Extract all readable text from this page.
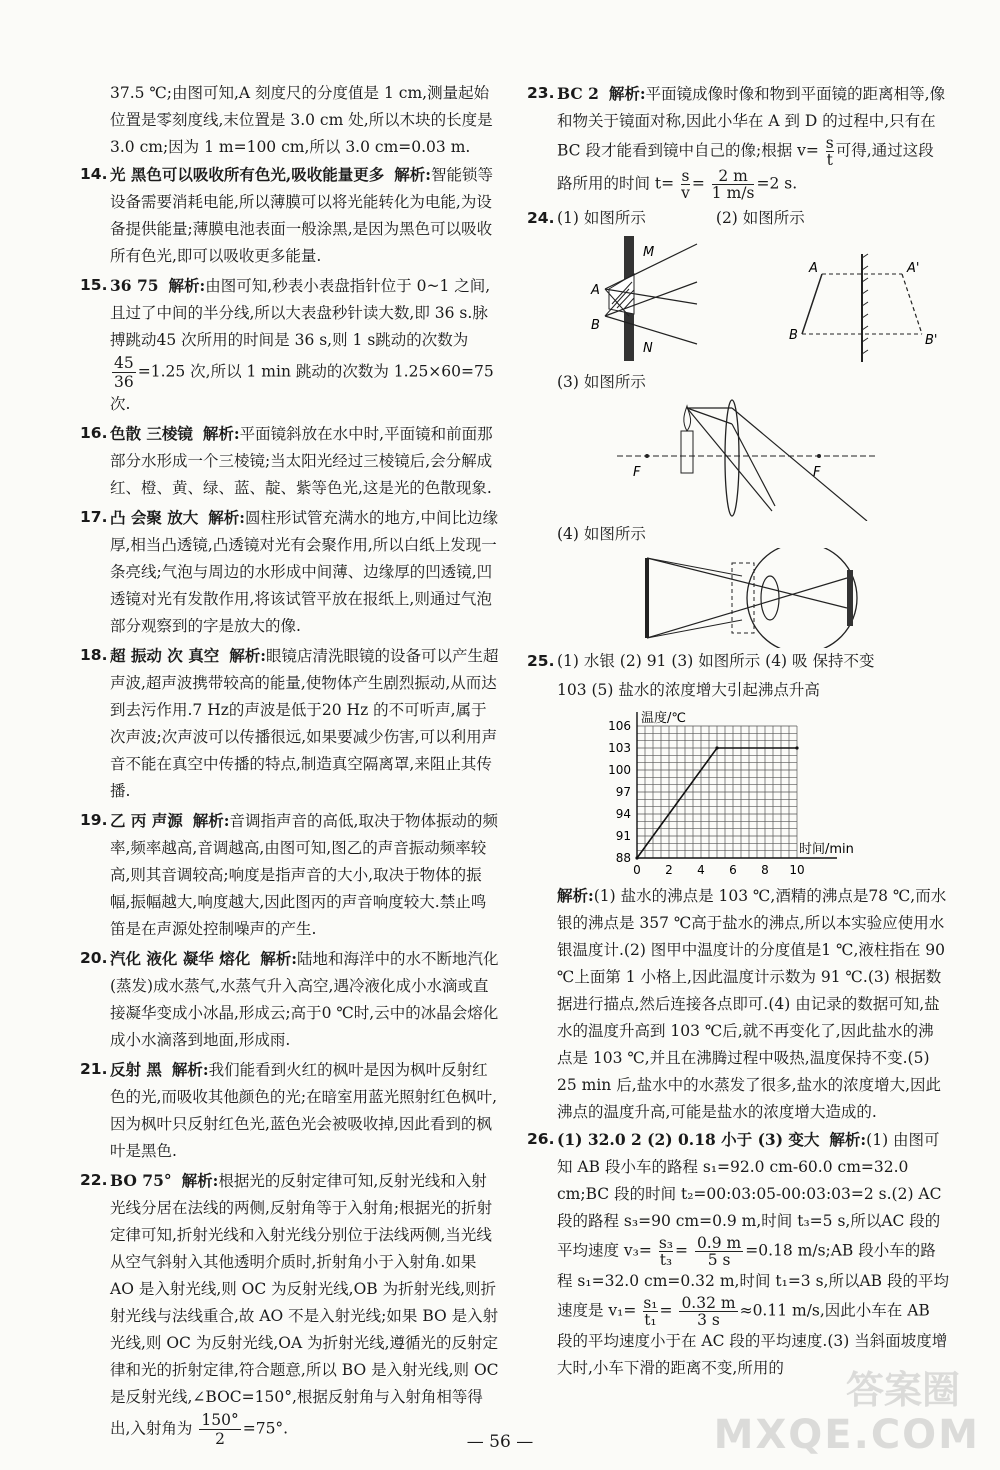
37.5 ℃;由图可知,A 刻度尺的分度值是 1 cm,测量起始位置是零刻度线,末位置是 3.0 cm 处,所以木块的长度是3.0 cm;因为 1 m=100 cm,所以 3.0 cm=0.03 m.
14. 光 黑色可以吸收所有色光,吸收能量更多 解析:智能锁等设备需要消耗电能,所以薄膜可以将光能转化为电能,为设备提供能量;薄膜电池表面一般涂黑,是因为黑色可以吸收所有色光,即可以吸收更多能量.
15. 36 75 解析:由图可知,秒表小表盘指针位于 0~1 之间,且过了中间的半分线,所以大表盘秒针读大数,即 36 s.脉搏跳动45 次所用的时间是 36 s,则 1 s跳动的次数为
$\frac{45}{36} =1.25$ 次,所以 1 min 跳动的次数为 1.25×60=75 次.
16. 色散 三棱镜 解析:平面镜斜放在水中时,平面镜和前面那部分水形成一个三棱镜;当太阳光经过三棱镜后,会分解成红、橙、黄、绿、蓝、靛、紫等色光,这是光的色散现象.
17. 凸 会聚 放大 解析:圆柱形试管充满水的地方,中间比边缘厚,相当凸透镜,凸透镜对光有会聚作用,所以白纸上发现一条亮线;气泡与周边的水形成中间薄、边缘厚的凹透镜,凹透镜对光有发散作用,将该试管平放在报纸上,则通过气泡部分观察到的字是放大的像.
18. 超 振动 次 真空 解析:眼镜店清洗眼镜的设备可以产生超声波,超声波携带较高的能量,使物体产生剧烈振动,从而达到去污作用.7 Hz的声波是低于20 Hz 的不可听声,属于次声波;次声波可以传播很远,如果要减少伤害,可以利用声音不能在真空中传播的特点,制造真空隔离罩,来阻止其传播.
19. 乙 丙 声源 解析:音调指声音的高低,取决于物体振动的频率,频率越高,音调越高,由图可知,图乙的声音振动频率较高,则其音调较高;响度是指声音的大小,取决于物体的振幅,振幅越大,响度越大,因此图丙的声音响度较大.禁止鸣笛是在声源处控制噪声的产生.
20. 汽化 液化 凝华 熔化 解析:陆地和海洋中的水不断地汽化(蒸发)成水蒸气,水蒸气升入高空,遇冷液化成小水滴或直接凝华变成小冰晶,形成云;高于0 ℃时,云中的冰晶会熔化成小水滴落到地面,形成雨.
21. 反射 黑 解析:我们能看到火红的枫叶是因为枫叶反射红色的光,而吸收其他颜色的光;在暗室用蓝光照射红色枫叶,因为枫叶只反射红色光,蓝色光会被吸收掉,因此看到的枫叶是黑色.
22. BO 75° 解析:根据光的反射定律可知,反射光线和入射光线分居在法线的两侧,反射角等于入射角;根据光的折射定律可知,折射光线和入射光线分别位于法线两侧,当光线从空气斜射入其他透明介质时,折射角小于入射角.如果 AO 是入射光线,则 OC 为反射光线,OB 为折射光线,则折射光线与法线重合,故 AO 不是入射光线;如果 BO 是入射光线,则 OC 为反射光线,OA 为折射光线,遵循光的反射定律和光的折射定律,符合题意,所以 BO 是入射光线,则 OC 是反射光线,∠BOC=150°,根据反射角与入射角相等得出,入射角为 $\frac{150^\circ}{2} =75^\circ$.
23. BC 2 解析:平面镜成像时像和物到平面镜的距离相等,像和物关于镜面对称,因此小华在 A 到 D 的过程中,只有在 BC 段才能看到镜中自己的像;根据 $v= \frac{s}{t}$ 可得,通过这段路所用的时间 $t= \frac{s}{v} = \frac{2 m}{1 m/s} =2$ s.
24. (1) 如图所示	(2) 如图所示
M
N
A
B
A
B
A'
B'
(3) 如图所示
F	F
(4) 如图所示
25. (1) 水银 (2) 91 (3) 如图所示 (4) 吸 保持不变
103 (5) 盐水的浓度增大引起沸点升高
0 2 4 6 8 10
88
91
94
97
100
103
106 温度/℃
时间/min
解析:(1) 盐水的沸点是 103 ℃,酒精的沸点是78 ℃,而水银的沸点是 357 ℃高于盐水的沸点,所以本实验应使用水银温度计.(2) 图甲中温度计的分度值是1 ℃,液柱指在 90 ℃上面第 1 小格上,因此温度计示数为 91 ℃.(3) 根据数据进行描点,然后连接各点即可.(4) 由记录的数据可知,盐水的温度升高到 103 ℃后,就不再变化了,因此盐水的沸点是 103 ℃,并且在沸腾过程中吸热,温度保持不变.(5) 25 min 后,盐水中的水蒸发了很多,盐水的浓度增大,因此沸点的温度升高,可能是盐水的浓度增大造成的.
26. (1) 32.0 2 (2) 0.18 小于 (3) 变大 解析:(1) 由图可知 AB 段小车的路程 s₁=92.0 cm-60.0 cm=32.0 cm;BC 段的时间 t₂=00:03:05-00:03:03=2 s.(2) AC段的路程 s₃=90 cm=0.9 m,时间 t₃=5 s,所以AC 段的平均速度 $v_3= \frac{\text{s₃}}{\text{t₃}} = \frac{0.9 m}{5 s} =0.18$ m/s;AB 段小车的路程 s₁=32.0 cm=0.32 m,时间 t₁=3 s,所以AB 段的平均速度是 $v_1= \frac{\text{s₁}}{\text{t₁}} = \frac{0.32 m}{3 s} \approx 0.11$ m/s,因此小车在 AB 段的平均速度小于在 AC 段的平均速度.(3) 当斜面坡度增大时,小车下滑的距离不变,所用的
— 56 —
答案圈
MXQE.COM
